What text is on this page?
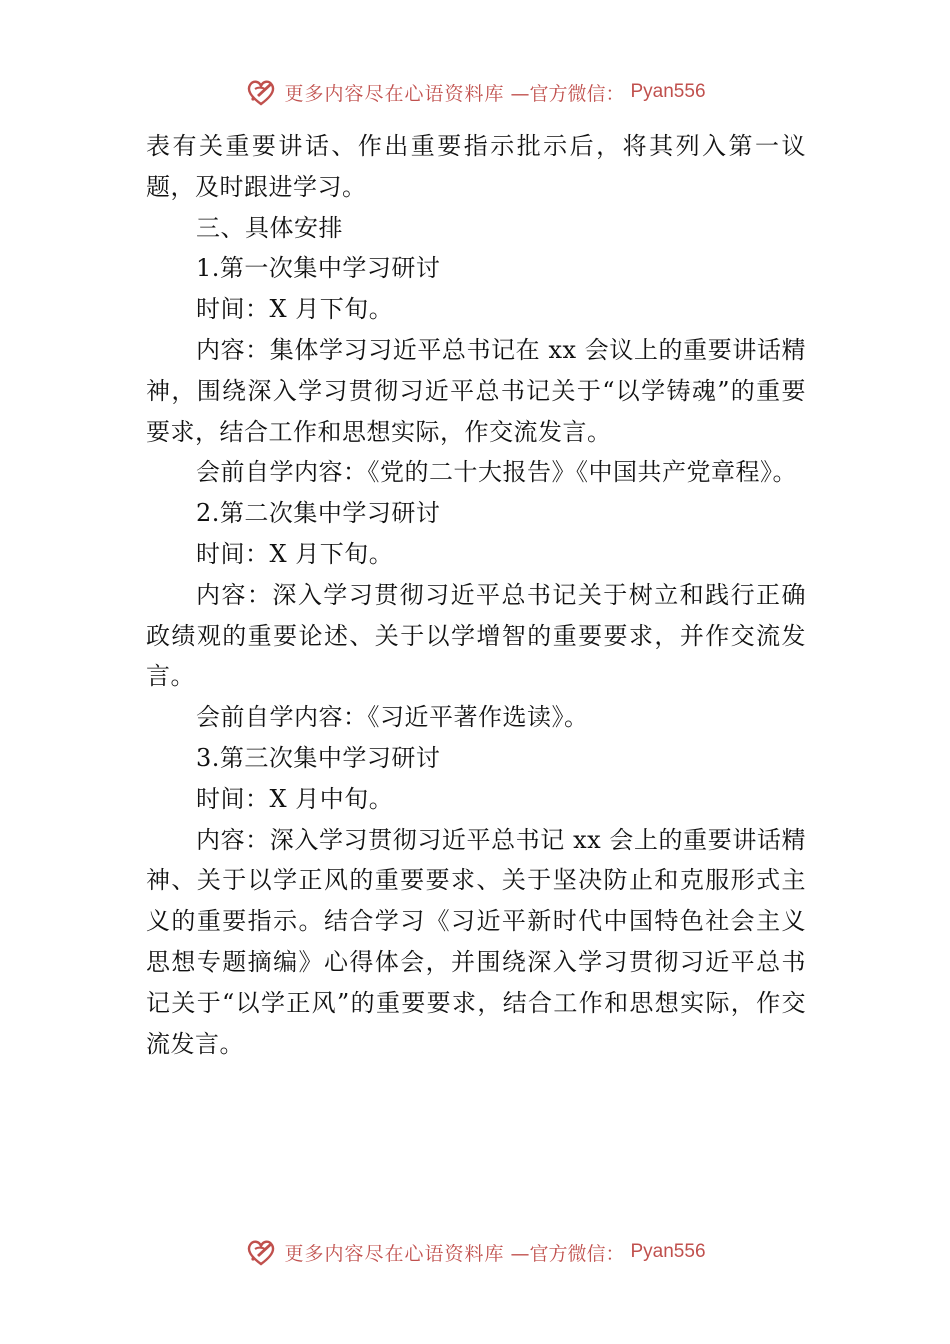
更多内容尽在心语资料库 —官方微信： Pyan556

表有关重要讲话、作出重要指示批示后，将其列入第一议题，及时跟进学习。

三、具体安排

1.第一次集中学习研讨

时间：X 月下旬。

内容：集体学习习近平总书记在 xx 会议上的重要讲话精神，围绕深入学习贯彻习近平总书记关于“以学铸魂”的重要要求，结合工作和思想实际，作交流发言。

会前自学内容：《党的二十大报告》《中国共产党章程》。

2.第二次集中学习研讨

时间：X 月下旬。

内容：深入学习贯彻习近平总书记关于树立和践行正确政绩观的重要论述、关于以学增智的重要要求，并作交流发言。

会前自学内容：《习近平著作选读》。

3.第三次集中学习研讨

时间：X 月中旬。

内容：深入学习贯彻习近平总书记 xx 会上的重要讲话精神、关于以学正风的重要要求、关于坚决防止和克服形式主义的重要指示。结合学习《习近平新时代中国特色社会主义思想专题摘编》心得体会，并围绕深入学习贯彻习近平总书记关于“以学正风”的重要要求，结合工作和思想实际，作交流发言。

更多内容尽在心语资料库 —官方微信： Pyan556
